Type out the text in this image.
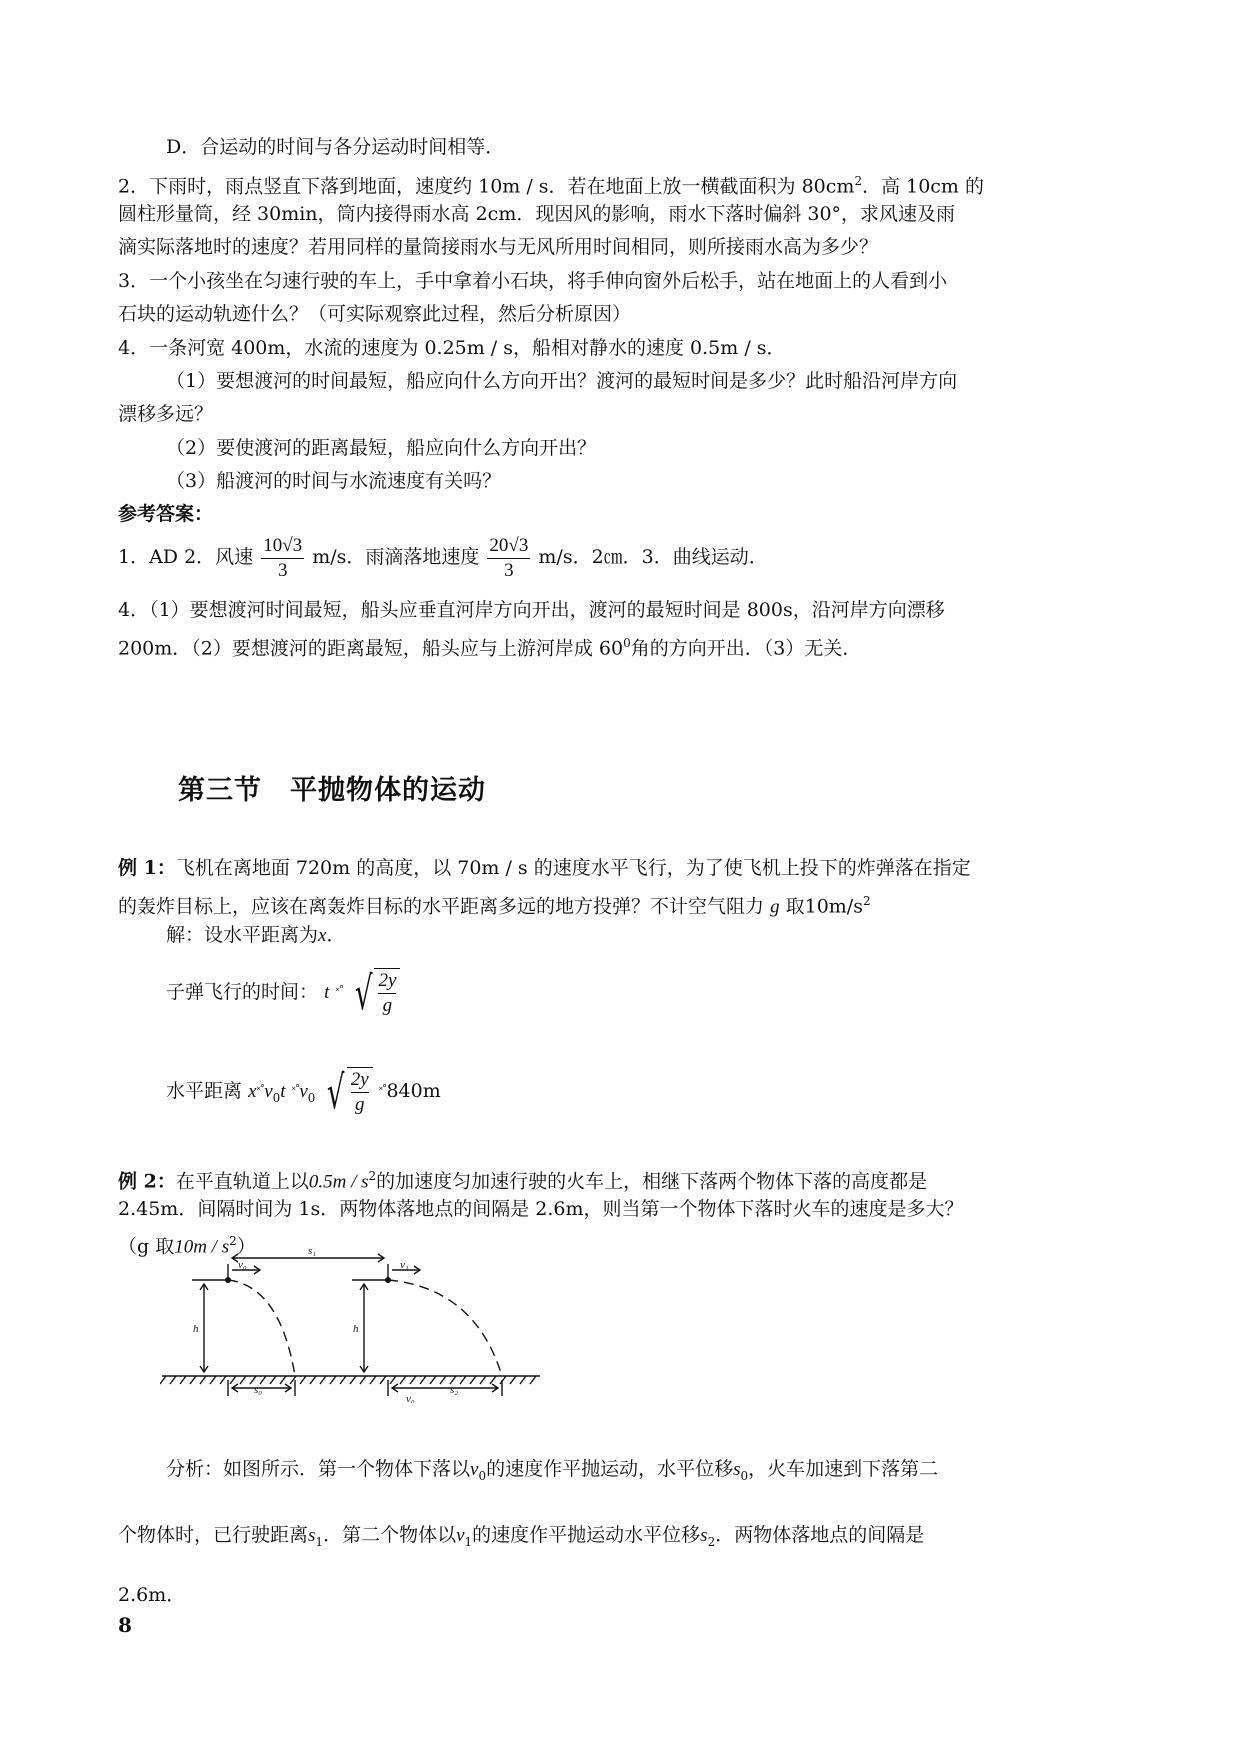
D．合运动的时间与各分运动时间相等．
2．下雨时，雨点竖直下落到地面，速度约 10m / s．若在地面上放一横截面积为 $80cm^2$．高 10cm 的
圆柱形量筒，经 30min，筒内接得雨水高 2cm．现因风的影响，雨水下落时偏斜 30°，求风速及雨
滴实际落地时的速度？若用同样的量筒接雨水与无风所用时间相同，则所接雨水高为多少？
3．一个小孩坐在匀速行驶的车上，手中拿着小石块，将手伸向窗外后松手，站在地面上的人看到小
石块的运动轨迹什么？（可实际观察此过程，然后分析原因）
4．一条河宽 400m，水流的速度为 0.25m / s，船相对静水的速度 0.5m / s．
（1）要想渡河的时间最短，船应向什么方向开出？渡河的最短时间是多少？此时船沿河岸方向
漂移多远？
（2）要使渡河的距离最短，船应向什么方向开出？
（3）船渡河的时间与水流速度有关吗？
参考答案：
1．AD 2．风速 $\frac{10√3}{3} m/s$．雨滴落地速度 $\frac{20√3}{3} m/s$．2㎝．3．曲线运动．
4．（1）要想渡河时间最短，船头应垂直河岸方向开出，渡河的最短时间是 800s，沿河岸方向漂移
200m．（2）要想渡河的距离最短，船头应与上游河岸成 $60^0$角的方向开出．（3）无关．
第三节　平抛物体的运动
例 1：飞机在离地面 720m 的高度，以 70m / s 的速度水平飞行，为了使飞机上投下的炸弹落在指定
的轰炸目标上，应该在离轰炸目标的水平距离多远的地方投弹？不计空气阻力 g 取$10m/s^2$
解：设水平距离为x．
子弹飞行的时间： t ˟˚ √ $\frac{2y}{g}$
水平距离 $x^{˟˚}v_0t$ $^{˟˚}v_0$ √ $\frac{2y}{g} ^{˟˚}840m$
例 2：在平直轨道上以$0.5m / s^2$的加速度匀加速行驶的火车上，相继下落两个物体下落的高度都是
2.45m．间隔时间为 1s．两物体落地点的间隔是 2.6m，则当第一个物体下落时火车的速度是多大？
（g 取$10m / s^2$）	s₁
v₀	v₁
h	h
s₀	s₂
v₀
分析：如图所示．第一个物体下落以$v_0$的速度作平抛运动，水平位移$s_0$，火车加速到下落第二
个物体时，已行驶距离$s_1$．第二个物体以$v_1$的速度作平抛运动水平位移$s_2$．两物体落地点的间隔是
2.6m．
8
